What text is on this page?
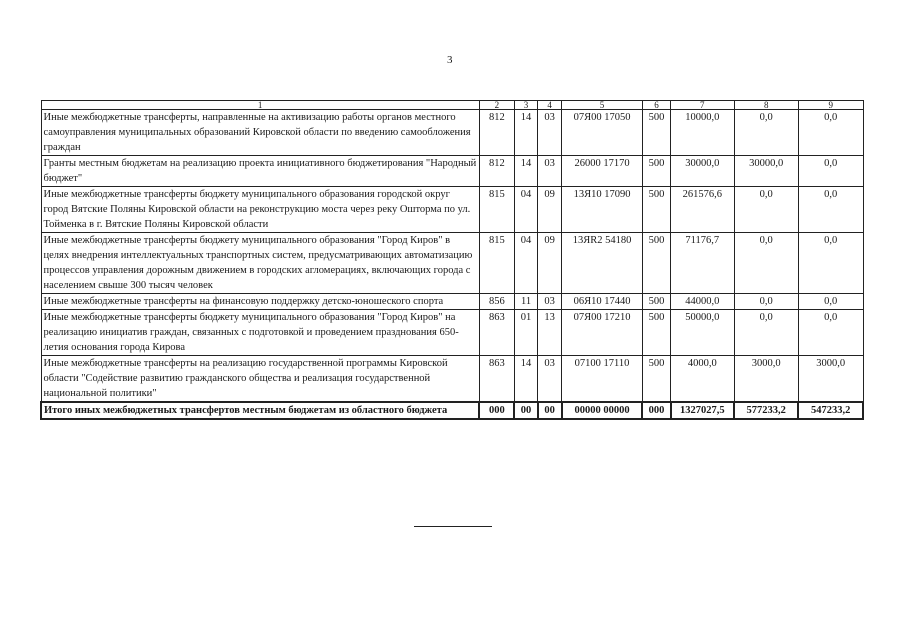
3
1	2	3	4	5	6	7	8	9
Иные межбюджетные трансферты, направленные на активизацию работы органов местного самоуправления муниципальных образований Кировской области по введению самообложения граждан	812	14	03	07Я00 17050	500	10000,0	0,0	0,0
Гранты местным бюджетам на реализацию проекта инициативного бюджетирования "Народный бюджет"	812	14	03	26000 17170	500	30000,0	30000,0	0,0
Иные межбюджетные трансферты бюджету муниципального образования городской округ город Вятские Поляны Кировской области на реконструкцию моста через реку Ошторма по ул. Тойменка в г. Вятские Поляны Кировской области	815	04	09	13Я10 17090	500	261576,6	0,0	0,0
Иные межбюджетные трансферты бюджету муниципального образования "Город Киров" в целях внедрения интеллектуальных транспортных систем, предусматривающих автоматизацию процессов управления дорожным движением в городских агломерациях, включающих города с населением свыше 300 тысяч человек	815	04	09	13ЯR2 54180	500	71176,7	0,0	0,0
Иные межбюджетные трансферты на финансовую поддержку детско-юношеского спорта	856	11	03	06Я10 17440	500	44000,0	0,0	0,0
Иные межбюджетные трансферты бюджету муниципального образования "Город Киров" на реализацию инициатив граждан, связанных с подготовкой и проведением празднования 650-летия основания города Кирова	863	01	13	07Я00 17210	500	50000,0	0,0	0,0
Иные межбюджетные трансферты на реализацию государственной программы Кировской области "Содействие развитию гражданского общества и реализация государственной национальной политики"	863	14	03	07100 17110	500	4000,0	3000,0	3000,0
Итого иных межбюджетных трансфертов местным бюджетам из областного бюджета	000	00	00	00000 00000	000	1327027,5	577233,2	547233,2
